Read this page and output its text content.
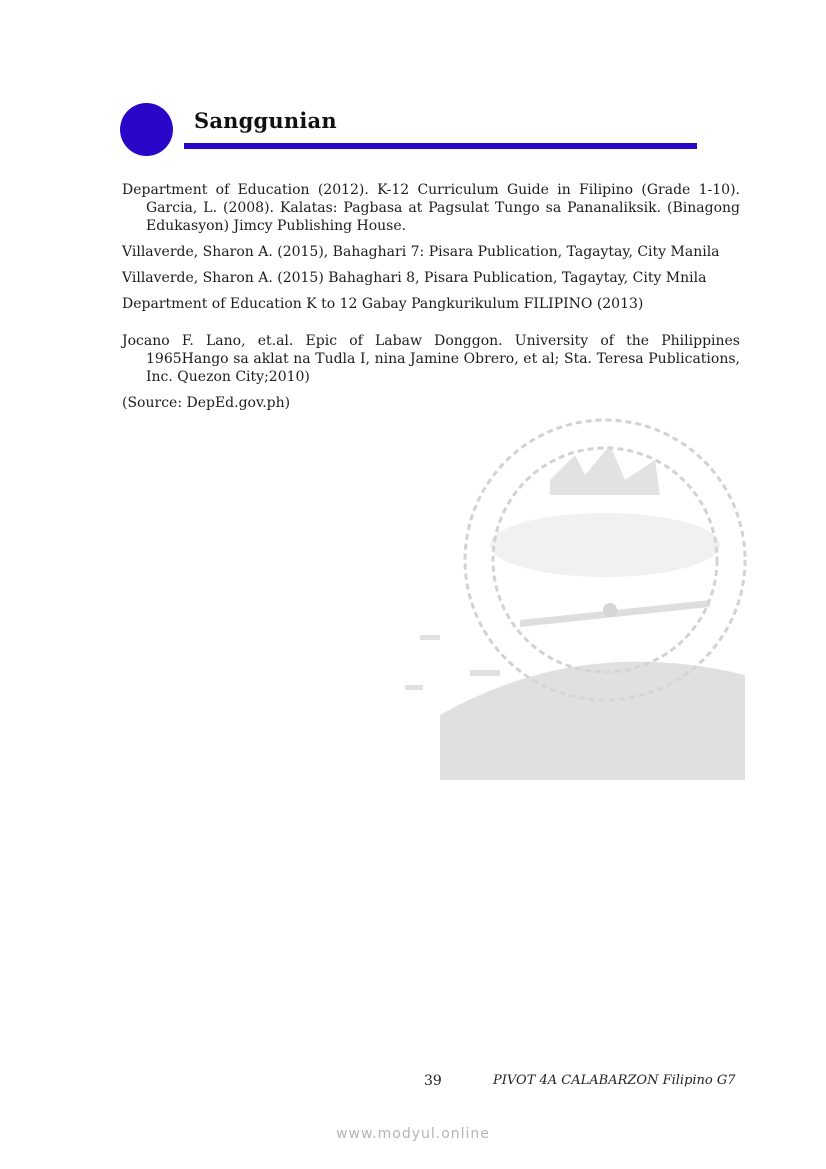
Sanggunian

Department of Education (2012). K-12 Curriculum Guide in Filipino (Grade 1-10). Garcia, L. (2008). Kalatas: Pagbasa at Pagsulat Tungo sa Pananaliksik. (Binagong Edukasyon) Jimcy Publishing House.

Villaverde, Sharon A. (2015), Bahaghari 7: Pisara Publication, Tagaytay, City Manila

Villaverde, Sharon A. (2015) Bahaghari 8, Pisara Publication, Tagaytay, City Mnila

Department of Education K to 12 Gabay Pangkurikulum FILIPINO (2013)

Jocano F. Lano, et.al. Epic of Labaw Donggon. University of the Philippines 1965Hango sa aklat na Tudla I, nina Jamine Obrero, et al; Sta. Teresa Publications, Inc. Quezon City;2010)

(Source: DepEd.gov.ph)

39	PIVOT 4A CALABARZON Filipino G7
www.modyul.online
